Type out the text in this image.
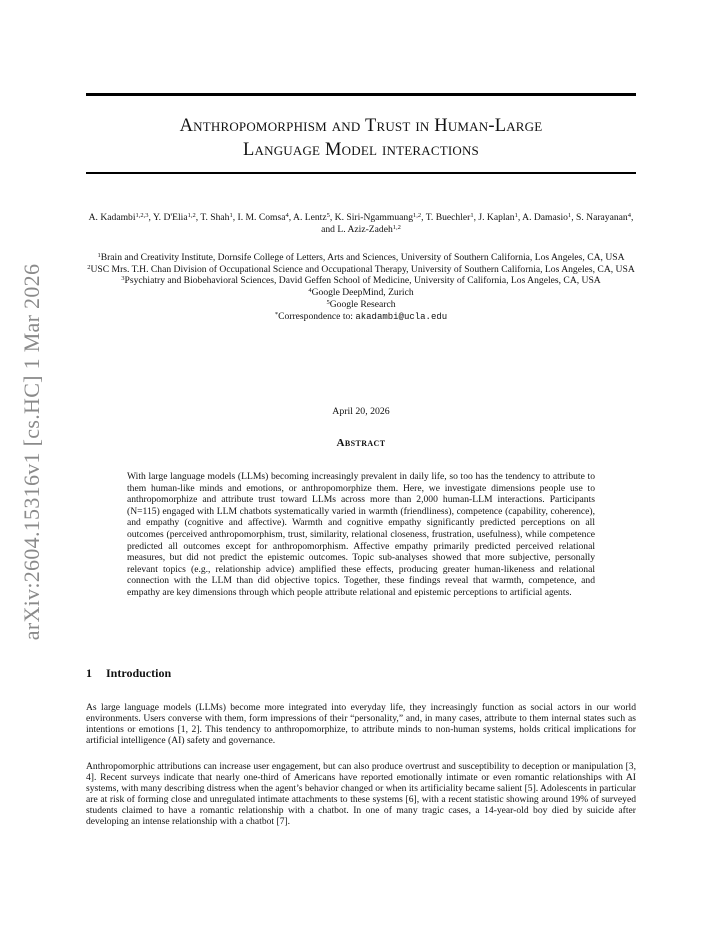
arXiv:2604.15316v1 [cs.HC] 1 Mar 2026
Anthropomorphism and Trust in Human-Large
Language Model interactions
A. Kadambi$^{1,2,3}$, Y. D'Elia$^{1,2}$, T. Shah$^1$, I. M. Comsa$^4$, A. Lentz$^5$, K. Siri-Ngammuang$^{1,2}$, T. Buechler$^1$, J. Kaplan$^1$, A. Damasio$^1$, S. Narayanan$^4$, and L. Aziz-Zadeh$^{1,2}$
$^1$Brain and Creativity Institute, Dornsife College of Letters, Arts and Sciences, University of Southern California, Los Angeles, CA, USA
$^2$USC Mrs. T.H. Chan Division of Occupational Science and Occupational Therapy, University of Southern California, Los Angeles, CA, USA
$^3$Psychiatry and Biobehavioral Sciences, David Geffen School of Medicine, University of California, Los Angeles, CA, USA
$^4$Google DeepMind, Zurich
$^5$Google Research
*Correspondence to: akadambi@ucla.edu
April 20, 2026
Abstract
With large language models (LLMs) becoming increasingly prevalent in daily life, so too has the tendency to attribute to them human-like minds and emotions, or anthropomorphize them. Here, we investigate dimensions people use to anthropomorphize and attribute trust toward LLMs across more than 2,000 human-LLM interactions. Participants (N=115) engaged with LLM chatbots systematically varied in warmth (friendliness), competence (capability, coherence), and empathy (cognitive and affective). Warmth and cognitive empathy significantly predicted perceptions on all outcomes (perceived anthropomorphism, trust, similarity, relational closeness, frustration, usefulness), while competence predicted all outcomes except for anthropomorphism. Affective empathy primarily predicted perceived relational measures, but did not predict the epistemic outcomes. Topic sub-analyses showed that more subjective, personally relevant topics (e.g., relationship advice) amplified these effects, producing greater human-likeness and relational connection with the LLM than did objective topics. Together, these findings reveal that warmth, competence, and empathy are key dimensions through which people attribute relational and epistemic perceptions to artificial agents.
1 Introduction
As large language models (LLMs) become more integrated into everyday life, they increasingly function as social actors in our world environments. Users converse with them, form impressions of their “personality,” and, in many cases, attribute to them internal states such as intentions or emotions [1, 2]. This tendency to anthropomorphize, to attribute minds to non-human systems, holds critical implications for artificial intelligence (AI) safety and governance.
Anthropomorphic attributions can increase user engagement, but can also produce overtrust and susceptibility to deception or manipulation [3, 4]. Recent surveys indicate that nearly one-third of Americans have reported emotionally intimate or even romantic relationships with AI systems, with many describing distress when the agent’s behavior changed or when its artificiality became salient [5]. Adolescents in particular are at risk of forming close and unregulated intimate attachments to these systems [6], with a recent statistic showing around 19% of surveyed students claimed to have a romantic relationship with a chatbot. In one of many tragic cases, a 14-year-old boy died by suicide after developing an intense relationship with a chatbot [7].
